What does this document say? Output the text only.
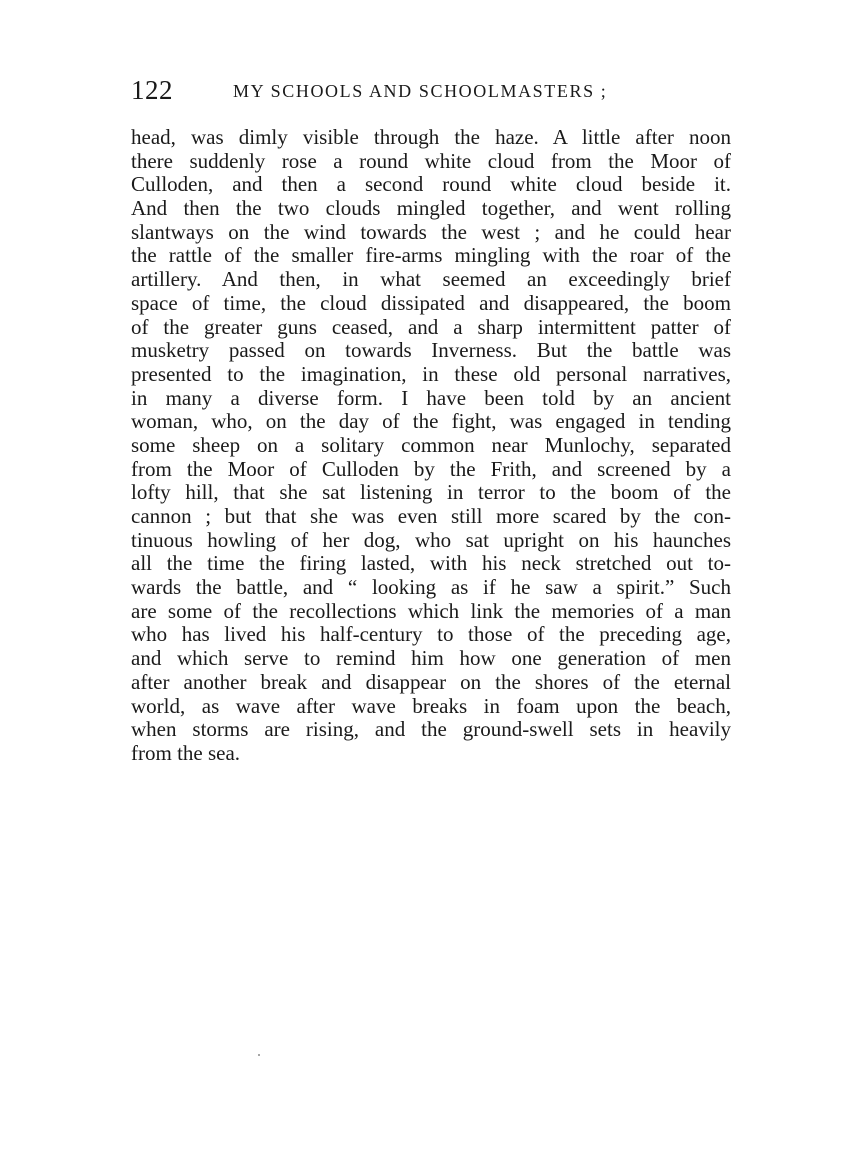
122	MY SCHOOLS AND SCHOOLMASTERS ;
head, was dimly visible through the haze. A little after noon
there suddenly rose a round white cloud from the Moor of
Culloden, and then a second round white cloud beside it.
And then the two clouds mingled together, and went rolling
slantways on the wind towards the west ; and he could hear
the rattle of the smaller fire-arms mingling with the roar of the
artillery. And then, in what seemed an exceedingly brief
space of time, the cloud dissipated and disappeared, the boom
of the greater guns ceased, and a sharp intermittent patter of
musketry passed on towards Inverness. But the battle was
presented to the imagination, in these old personal narratives,
in many a diverse form. I have been told by an ancient
woman, who, on the day of the fight, was engaged in tending
some sheep on a solitary common near Munlochy, separated
from the Moor of Culloden by the Frith, and screened by a
lofty hill, that she sat listening in terror to the boom of the
cannon ; but that she was even still more scared by the con-
tinuous howling of her dog, who sat upright on his haunches
all the time the firing lasted, with his neck stretched out to-
wards the battle, and “ looking as if he saw a spirit.” Such
are some of the recollections which link the memories of a man
who has lived his half-century to those of the preceding age,
and which serve to remind him how one generation of men
after another break and disappear on the shores of the eternal
world, as wave after wave breaks in foam upon the beach,
when storms are rising, and the ground-swell sets in heavily
from the sea.
